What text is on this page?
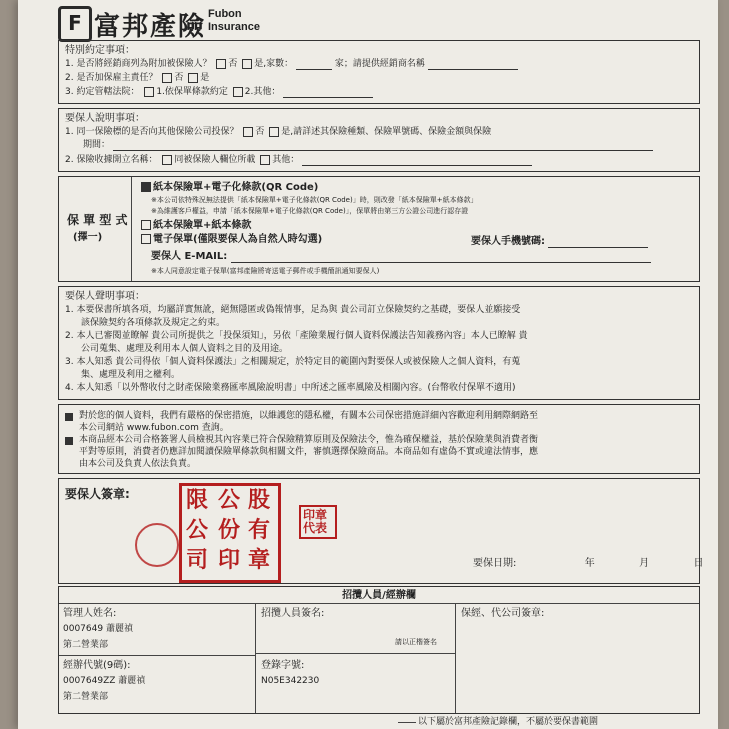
F 富邦產險 Fubon
Insurance
特別約定事項：
1. 是否將經銷商列為附加被保險人？ 否 是,家數：	家；請提供經銷商名稱
2. 是否加保雇主責任？ 否 是
3. 約定管轄法院： 1.依保單條款約定 2.其他：
要保人說明事項：
1. 同一保險標的是否向其他保險公司投保？ 否 是,請詳述其保險種類、保險單號碼、保險金額與保險
期間：
2. 保險收據開立名稱： 同被保險人欄位所載 其他：
保 單 型 式
(擇一)
紙本保險單+電子化條款(QR Code)
※本公司依特殊況無法提供「紙本保險單+電子化條款(QR Code)」時，則改發「紙本保險單+紙本條款」
※為維護客戶權益，申請「紙本保險單+電子化條款(QR Code)」，保單將由第三方公證公司進行認存證
紙本保險單+紙本條款
電子保單(僅限要保人為自然人時勾選)	要保人手機號碼:
要保人 E-MAIL:
※本人同意設定電子保單(富邦產險將寄送電子郵件或手機簡訊通知要保人)
要保人聲明事項：
1. 本要保書所填各項，均屬詳實無訛，絕無隱匿或偽報情事，足為與 貴公司訂立保險契約之基礎，要保人並願接受
該保險契約各項條款及規定之約束。
2. 本人已審閱並瞭解 貴公司所提供之「投保須知」，另依「產險業履行個人資料保護法告知義務內容」本人已瞭解 貴
公司蒐集、處理及利用本人個人資料之目的及用途。
3. 本人知悉 貴公司得依「個人資料保護法」之相關規定，於特定目的範圍內對要保人或被保險人之個人資料，有蒐
集、處理及利用之權利。
4. 本人知悉「以外幣收付之財產保險業務匯率風險說明書」中所述之匯率風險及相關內容。(台幣收付保單不適用)
對於您的個人資料，我們有嚴格的保密措施，以維護您的隱私權，有關本公司保密措施詳細內容歡迎利用網際網路至
本公司網站 www.fubon.com 查詢。
本商品經本公司合格簽署人員檢視其內容業已符合保險精算原則及保險法令，惟為確保權益，基於保險業與消費者衡
平對等原則，消費者仍應詳加閱讀保險單條款與相關文件，審慎選擇保險商品。本商品如有虛偽不實或違法情事，應
由本公司及負責人依法負責。
要保人簽章:	限 公 股
公 份 有
司 印 章
印章
代表
要保日期:	年	月	日
招攬人員/經辦欄
管理人姓名:
0007649 蕭麗禎
第二營業部
經辦代號(9碼):
0007649ZZ 蕭麗禎
第二營業部
招攬人員簽名:
請以正楷簽名
登錄字號:
N05E342230
保經、代公司簽章:
以下屬於富邦產險記錄欄，不屬於要保書範圍
